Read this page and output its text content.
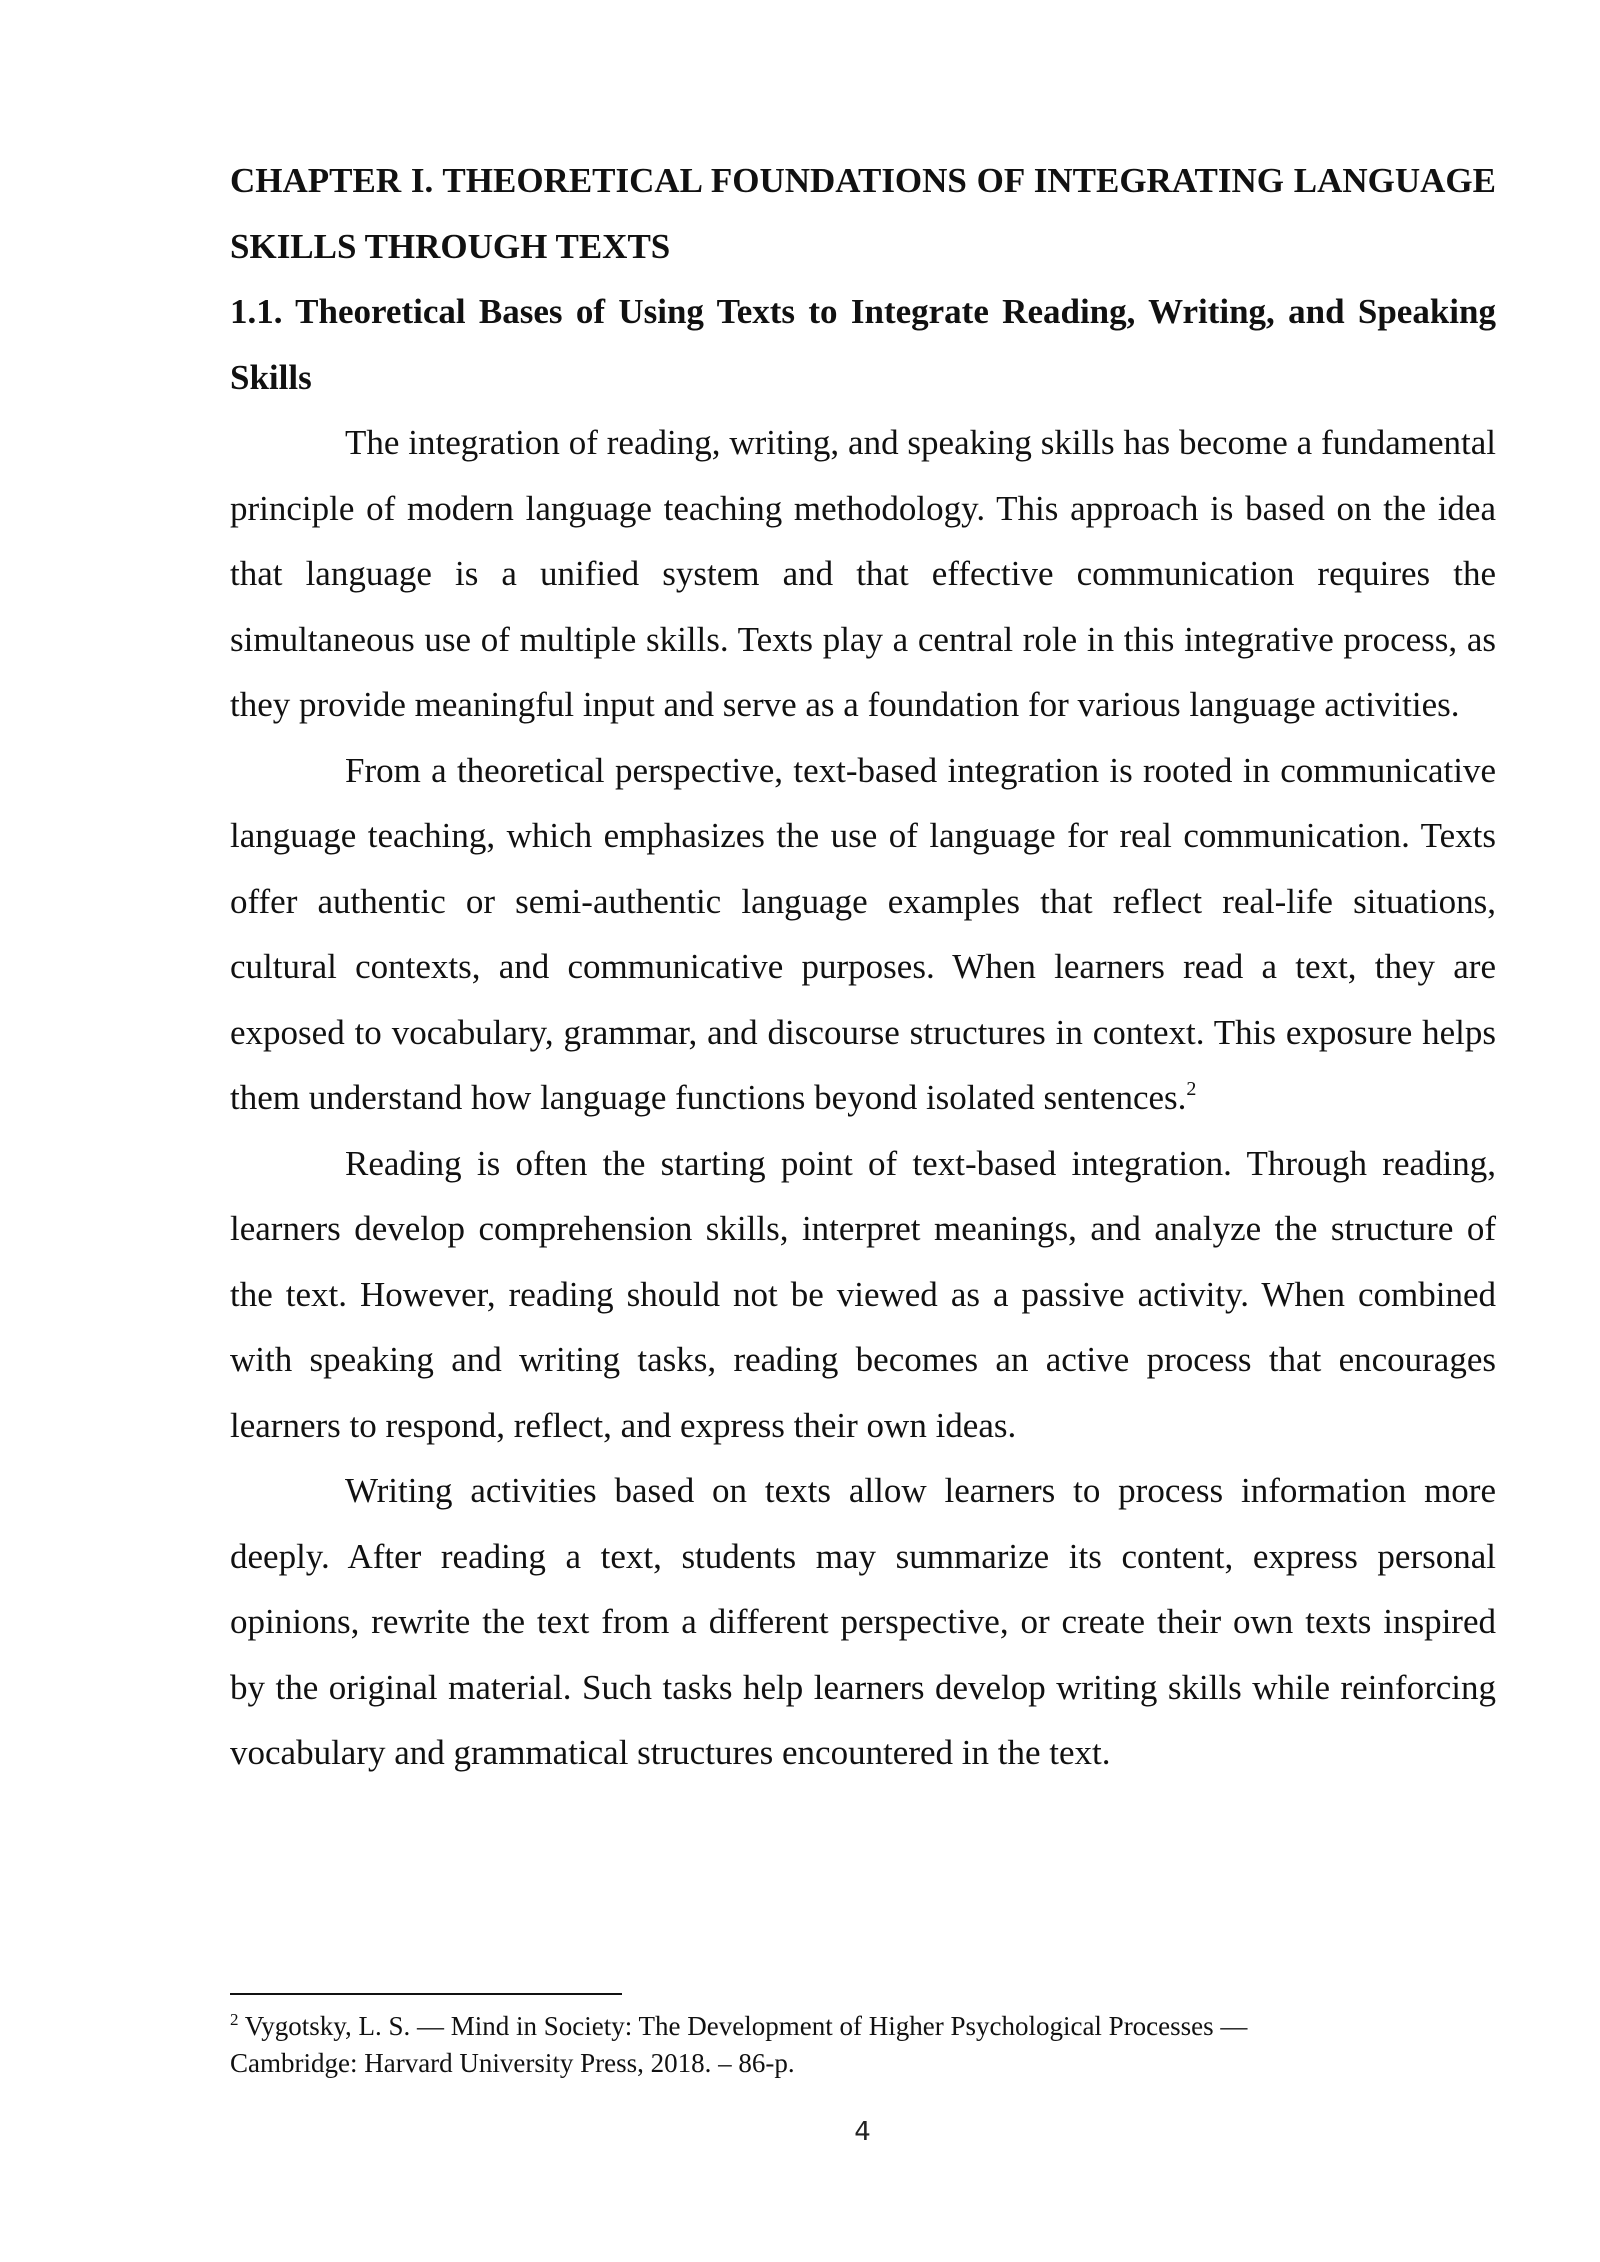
CHAPTER I. THEORETICAL FOUNDATIONS OF INTEGRATING LANGUAGE SKILLS THROUGH TEXTS
1.1. Theoretical Bases of Using Texts to Integrate Reading, Writing, and Speaking Skills

The integration of reading, writing, and speaking skills has become a fundamental principle of modern language teaching methodology. This approach is based on the idea that language is a unified system and that effective communication requires the simultaneous use of multiple skills. Texts play a central role in this integrative process, as they provide meaningful input and serve as a foundation for various language activities.

From a theoretical perspective, text-based integration is rooted in communicative language teaching, which emphasizes the use of language for real communication. Texts offer authentic or semi-authentic language examples that reflect real-life situations, cultural contexts, and communicative purposes. When learners read a text, they are exposed to vocabulary, grammar, and discourse structures in context. This exposure helps them understand how language functions beyond isolated sentences.$^2$

Reading is often the starting point of text-based integration. Through reading, learners develop comprehension skills, interpret meanings, and analyze the structure of the text. However, reading should not be viewed as a passive activity. When combined with speaking and writing tasks, reading becomes an active process that encourages learners to respond, reflect, and express their own ideas.

Writing activities based on texts allow learners to process information more deeply. After reading a text, students may summarize its content, express personal opinions, rewrite the text from a different perspective, or create their own texts inspired by the original material. Such tasks help learners develop writing skills while reinforcing vocabulary and grammatical structures encountered in the text.

$^2$ Vygotsky, L. S. — Mind in Society: The Development of Higher Psychological Processes —
Cambridge: Harvard University Press, 2018. – 86-p.

4
